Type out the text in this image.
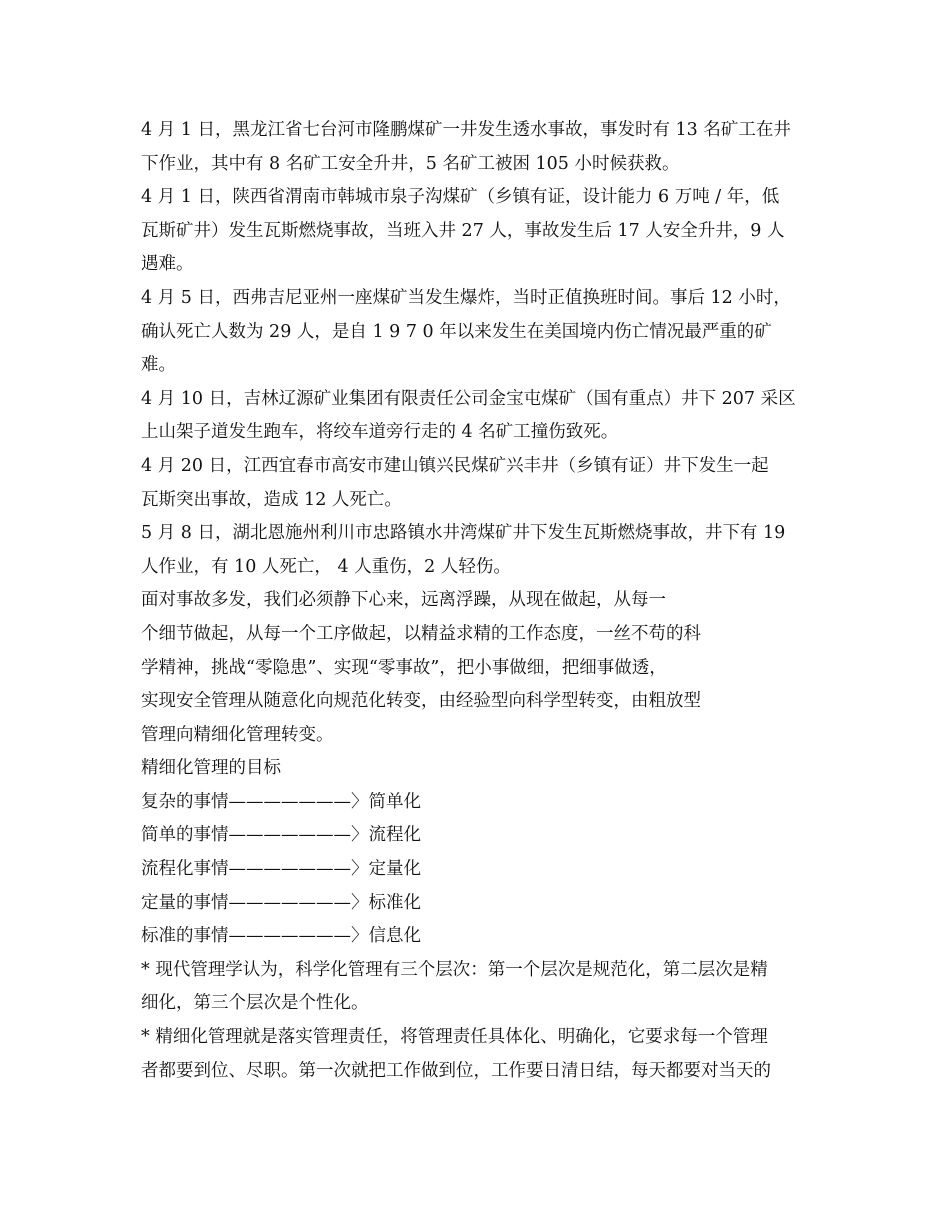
4 月 1 日，黑龙江省七台河市隆鹏煤矿一井发生透水事故，事发时有 13 名矿工在井
下作业，其中有 8 名矿工安全升井，5 名矿工被困 105 小时候获救。
4 月 1 日，陕西省渭南市韩城市泉子沟煤矿（乡镇有证，设计能力 6 万吨 / 年，低
瓦斯矿井）发生瓦斯燃烧事故，当班入井 27 人，事故发生后 17 人安全升井，9 人
遇难。
4 月 5 日，西弗吉尼亚州一座煤矿当发生爆炸，当时正值换班时间。事后 12 小时，
确认死亡人数为 29 人，是自 1 9 7 0 年以来发生在美国境内伤亡情况最严重的矿
难。
4 月 10 日，吉林辽源矿业集团有限责任公司金宝屯煤矿（国有重点）井下 207 采区
上山架子道发生跑车，将绞车道旁行走的 4 名矿工撞伤致死。
4 月 20 日，江西宜春市高安市建山镇兴民煤矿兴丰井（乡镇有证）井下发生一起
瓦斯突出事故，造成 12 人死亡。
5 月 8 日，湖北恩施州利川市忠路镇水井湾煤矿井下发生瓦斯燃烧事故，井下有 19
人作业，有 10 人死亡， 4 人重伤，2 人轻伤。
面对事故多发，我们必须静下心来，远离浮躁，从现在做起，从每一
个细节做起，从每一个工序做起，以精益求精的工作态度，一丝不苟的科
学精神，挑战“零隐患”、实现“零事故”，把小事做细，把细事做透，
实现安全管理从随意化向规范化转变，由经验型向科学型转变，由粗放型
管理向精细化管理转变。
精细化管理的目标
复杂的事情———————〉简单化
简单的事情———————〉流程化
流程化事情———————〉定量化
定量的事情———————〉标准化
标准的事情———————〉信息化
* 现代管理学认为，科学化管理有三个层次：第一个层次是规范化，第二层次是精
细化，第三个层次是个性化。
* 精细化管理就是落实管理责任，将管理责任具体化、明确化，它要求每一个管理
者都要到位、尽职。第一次就把工作做到位，工作要日清日结，每天都要对当天的
